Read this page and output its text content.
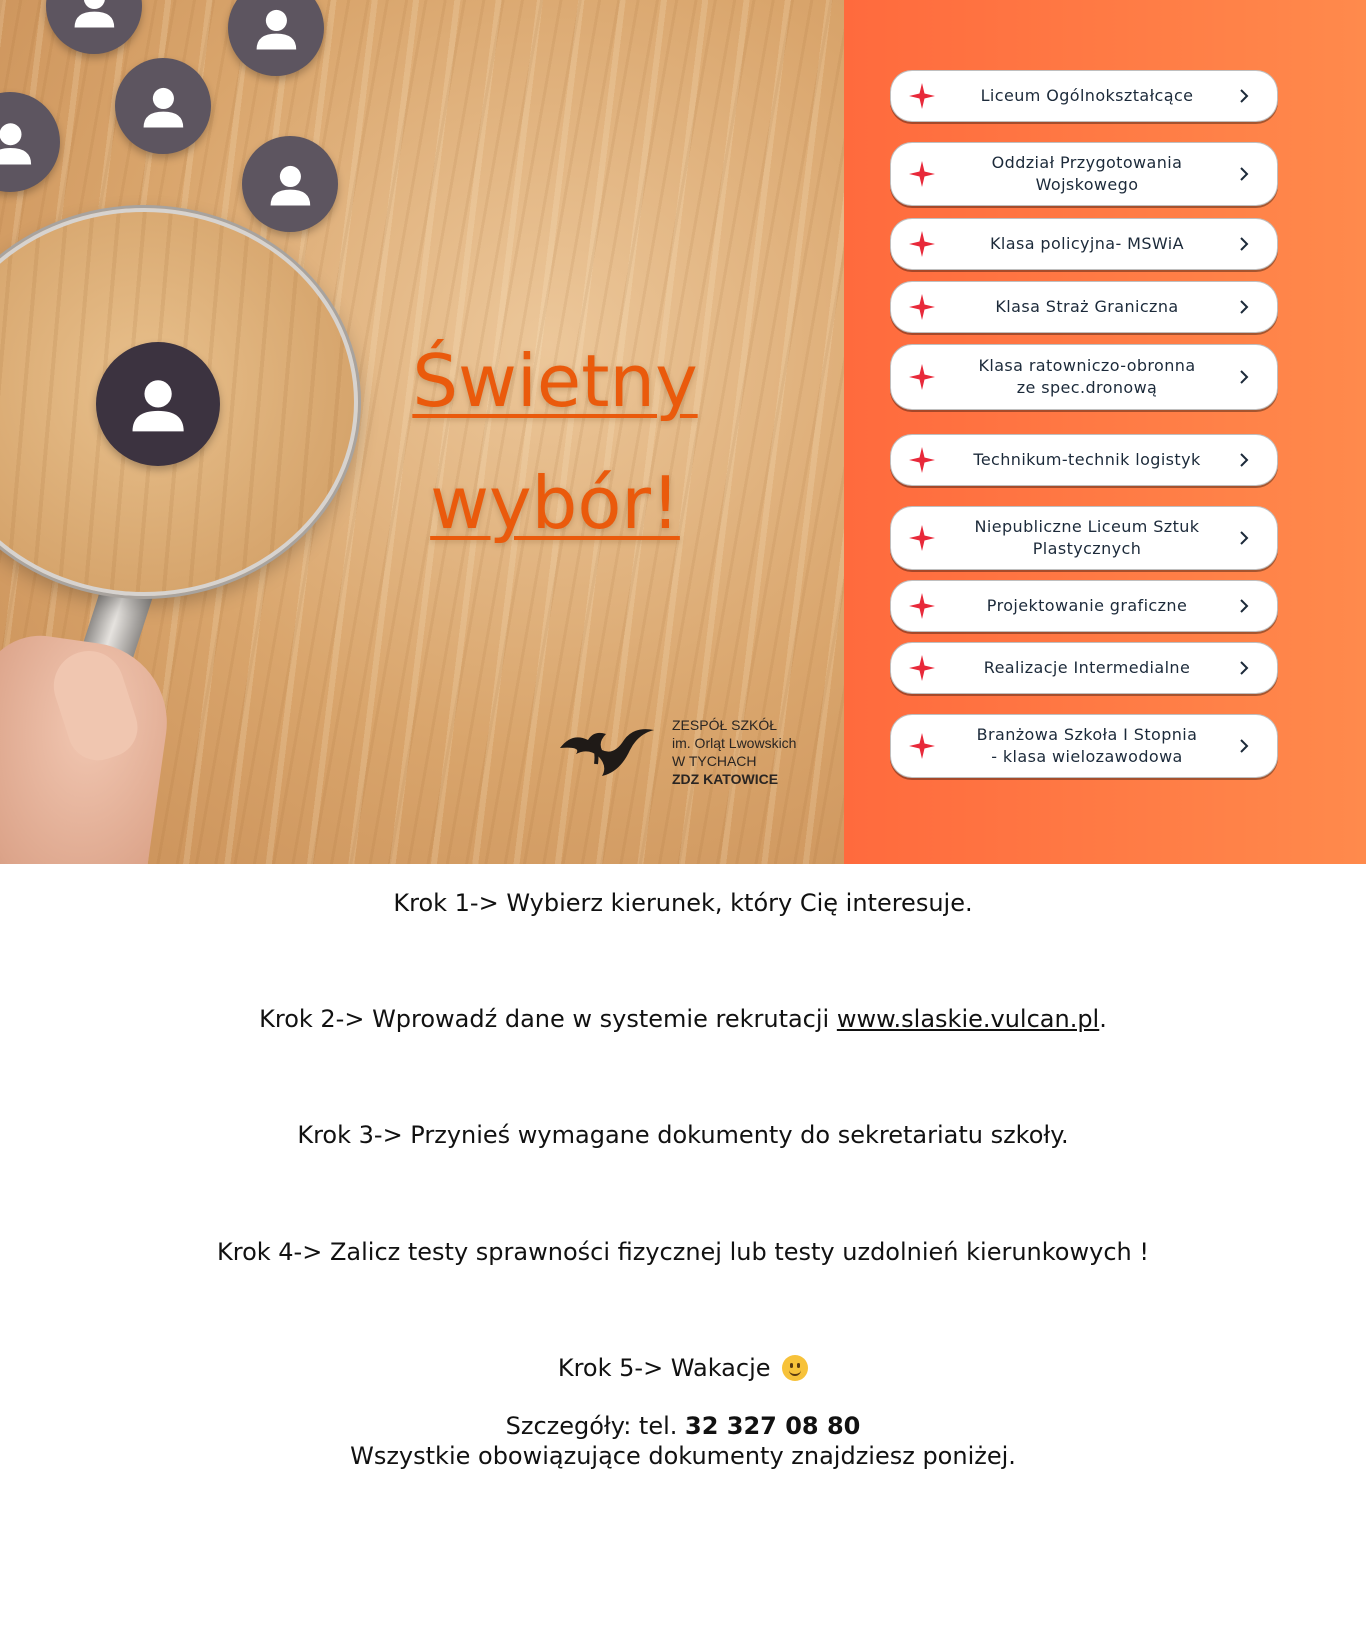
Świetny
wybór!
ZESPÓŁ SZKÓŁ
im. Orląt Lwowskich
W TYCHACH
ZDZ KATOWICE
Liceum Ogólnokształcące
Oddział Przygotowania
Wojskowego
Klasa policyjna- MSWiA
Klasa Straż Graniczna
Klasa ratowniczo-obronna
ze spec.dronową
Technikum-technik logistyk
Niepubliczne Liceum Sztuk
Plastycznych
Projektowanie graficzne
Realizacje Intermedialne
Branżowa Szkoła I Stopnia
- klasa wielozawodowa
Krok 1-> Wybierz kierunek, który Cię interesuje.
Krok 2-> Wprowadź dane w systemie rekrutacji www.slaskie.vulcan.pl.
Krok 3-> Przynieś wymagane dokumenty do sekretariatu szkoły.
Krok 4-> Zalicz testy sprawności fizycznej lub testy uzdolnień kierunkowych !
Krok 5-> Wakacje
Szczegóły: tel. 32 327 08 80
Wszystkie obowiązujące dokumenty znajdziesz poniżej.
